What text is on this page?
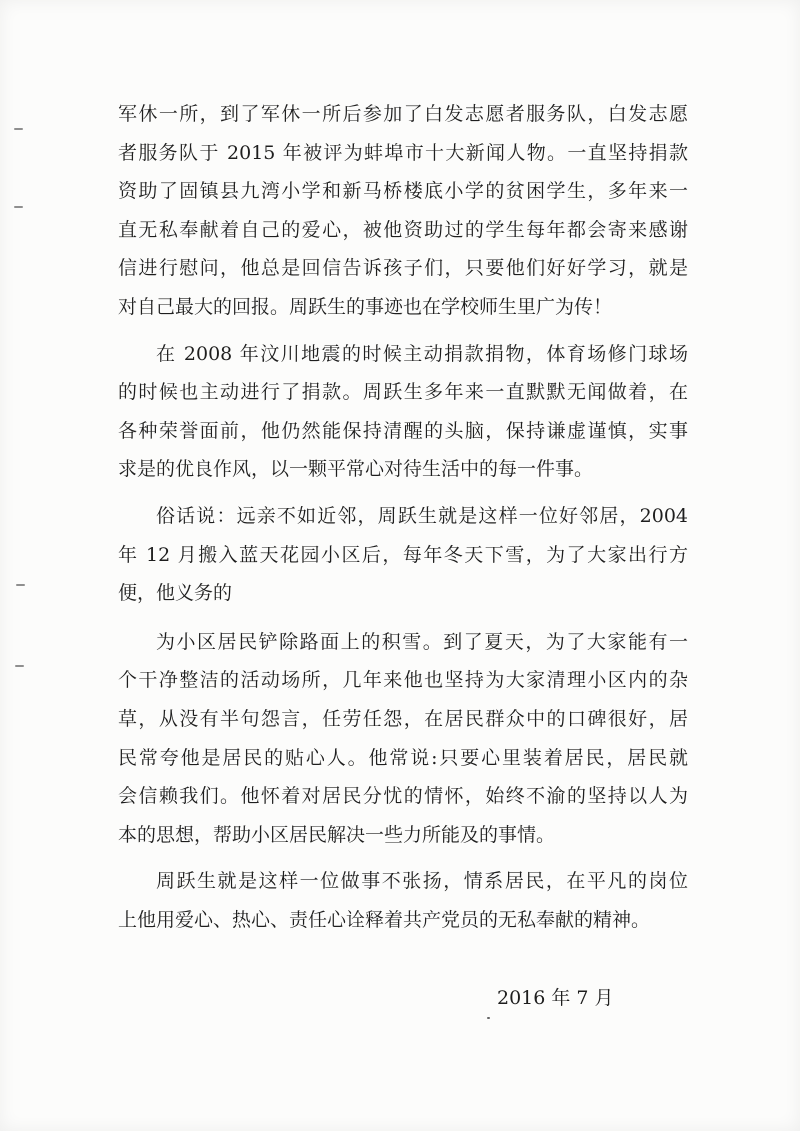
军休一所，到了军休一所后参加了白发志愿者服务队，白发志愿
者服务队于 2015 年被评为蚌埠市十大新闻人物。一直坚持捐款
资助了固镇县九湾小学和新马桥楼底小学的贫困学生，多年来一
直无私奉献着自己的爱心，被他资助过的学生每年都会寄来感谢
信进行慰问，他总是回信告诉孩子们，只要他们好好学习，就是
对自己最大的回报。周跃生的事迹也在学校师生里广为传！
在 2008 年汶川地震的时候主动捐款捐物，体育场修门球场
的时候也主动进行了捐款。周跃生多年来一直默默无闻做着，在
各种荣誉面前，他仍然能保持清醒的头脑，保持谦虚谨慎，实事
求是的优良作风，以一颗平常心对待生活中的每一件事。
俗话说：远亲不如近邻，周跃生就是这样一位好邻居，2004
年 12 月搬入蓝天花园小区后，每年冬天下雪，为了大家出行方
便，他义务的
为小区居民铲除路面上的积雪。到了夏天，为了大家能有一
个干净整洁的活动场所，几年来他也坚持为大家清理小区内的杂
草，从没有半句怨言，任劳任怨，在居民群众中的口碑很好，居
民常夸他是居民的贴心人。他常说:只要心里装着居民，居民就
会信赖我们。他怀着对居民分忧的情怀，始终不渝的坚持以人为
本的思想，帮助小区居民解决一些力所能及的事情。
周跃生就是这样一位做事不张扬，情系居民，在平凡的岗位
上他用爱心、热心、责任心诠释着共产党员的无私奉献的精神。
2016 年 7 月
